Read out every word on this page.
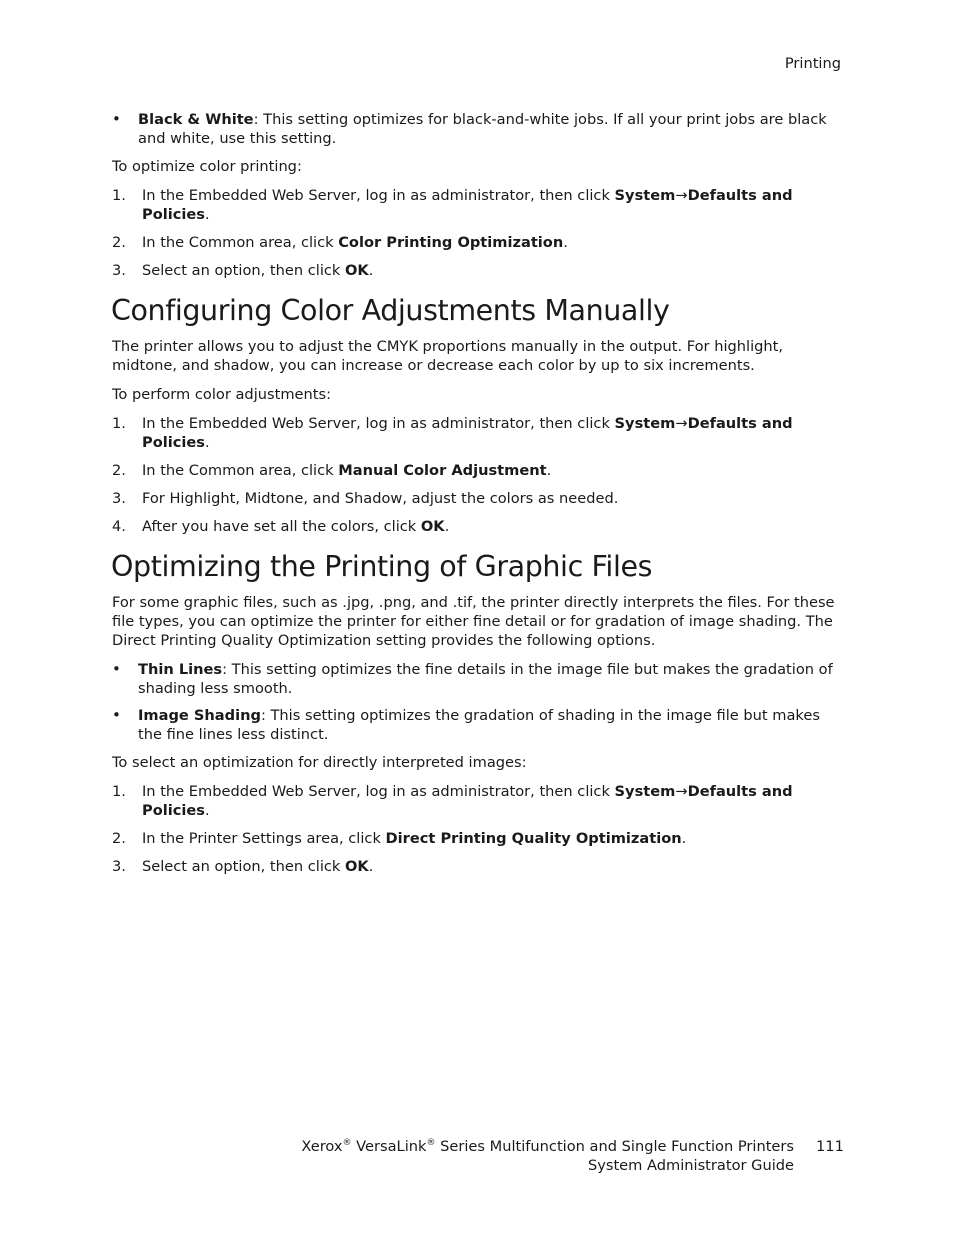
Printing
• Black & White: This setting optimizes for black-and-white jobs. If all your print jobs are black and white, use this setting.

To optimize color printing:

1. In the Embedded Web Server, log in as administrator, then click System→Defaults and Policies.
2. In the Common area, click Color Printing Optimization.
3. Select an option, then click OK.
Configuring Color Adjustments Manually

The printer allows you to adjust the CMYK proportions manually in the output. For highlight, midtone, and shadow, you can increase or decrease each color by up to six increments.

To perform color adjustments:

1. In the Embedded Web Server, log in as administrator, then click System→Defaults and Policies.
2. In the Common area, click Manual Color Adjustment.
3. For Highlight, Midtone, and Shadow, adjust the colors as needed.
4. After you have set all the colors, click OK.
Optimizing the Printing of Graphic Files

For some graphic files, such as .jpg, .png, and .tif, the printer directly interprets the files. For these file types, you can optimize the printer for either fine detail or for gradation of image shading. The Direct Printing Quality Optimization setting provides the following options.

• Thin Lines: This setting optimizes the fine details in the image file but makes the gradation of shading less smooth.
• Image Shading: This setting optimizes the gradation of shading in the image file but makes the fine lines less distinct.

To select an optimization for directly interpreted images:

1. In the Embedded Web Server, log in as administrator, then click System→Defaults and Policies.
2. In the Printer Settings area, click Direct Printing Quality Optimization.
3. Select an option, then click OK.
Xerox® VersaLink® Series Multifunction and Single Function Printers
System Administrator Guide
111
